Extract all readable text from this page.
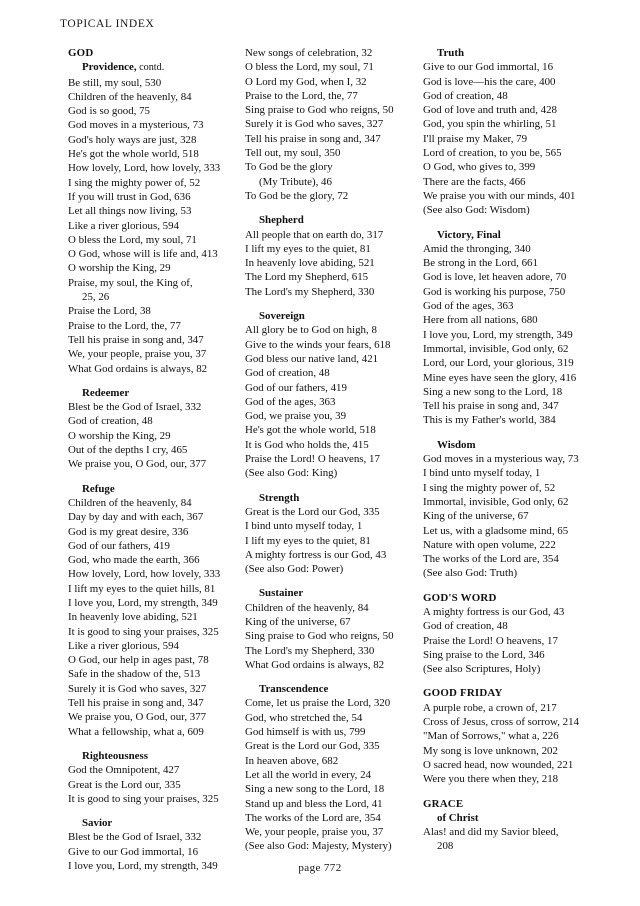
TOPICAL INDEX
GOD
Providence, contd.
Be still, my soul, 530
Children of the heavenly, 84
God is so good, 75
God moves in a mysterious, 73
God's holy ways are just, 328
He's got the whole world, 518
How lovely, Lord, how lovely, 333
I sing the mighty power of, 52
If you will trust in God, 636
Let all things now living, 53
Like a river glorious, 594
O bless the Lord, my soul, 71
O God, whose will is life and, 413
O worship the King, 29
Praise, my soul, the King of,
25, 26
Praise the Lord, 38
Praise to the Lord, the, 77
Tell his praise in song and, 347
We, your people, praise you, 37
What God ordains is always, 82
Redeemer
Blest be the God of Israel, 332
God of creation, 48
O worship the King, 29
Out of the depths I cry, 465
We praise you, O God, our, 377
Refuge
Children of the heavenly, 84
Day by day and with each, 367
God is my great desire, 336
God of our fathers, 419
God, who made the earth, 366
How lovely, Lord, how lovely, 333
I lift my eyes to the quiet hills, 81
I love you, Lord, my strength, 349
In heavenly love abiding, 521
It is good to sing your praises, 325
Like a river glorious, 594
O God, our help in ages past, 78
Safe in the shadow of the, 513
Surely it is God who saves, 327
Tell his praise in song and, 347
We praise you, O God, our, 377
What a fellowship, what a, 609
Righteousness
God the Omnipotent, 427
Great is the Lord our, 335
It is good to sing your praises, 325
Savior
Blest be the God of Israel, 332
Give to our God immortal, 16
I love you, Lord, my strength, 349
New songs of celebration, 32
O bless the Lord, my soul, 71
O Lord my God, when I, 32
Praise to the Lord, the, 77
Sing praise to God who reigns, 50
Surely it is God who saves, 327
Tell his praise in song and, 347
Tell out, my soul, 350
To God be the glory
(My Tribute), 46
To God be the glory, 72
Shepherd
All people that on earth do, 317
I lift my eyes to the quiet, 81
In heavenly love abiding, 521
The Lord my Shepherd, 615
The Lord's my Shepherd, 330
Sovereign
All glory be to God on high, 8
Give to the winds your fears, 618
God bless our native land, 421
God of creation, 48
God of our fathers, 419
God of the ages, 363
God, we praise you, 39
He's got the whole world, 518
It is God who holds the, 415
Praise the Lord! O heavens, 17
(See also God: King)
Strength
Great is the Lord our God, 335
I bind unto myself today, 1
I lift my eyes to the quiet, 81
A mighty fortress is our God, 43
(See also God: Power)
Sustainer
Children of the heavenly, 84
King of the universe, 67
Sing praise to God who reigns, 50
The Lord's my Shepherd, 330
What God ordains is always, 82
Transcendence
Come, let us praise the Lord, 320
God, who stretched the, 54
God himself is with us, 799
Great is the Lord our God, 335
In heaven above, 682
Let all the world in every, 24
Sing a new song to the Lord, 18
Stand up and bless the Lord, 41
The works of the Lord are, 354
We, your people, praise you, 37
(See also God: Majesty, Mystery)
Truth
Give to our God immortal, 16
God is love—his the care, 400
God of creation, 48
God of love and truth and, 428
God, you spin the whirling, 51
I'll praise my Maker, 79
Lord of creation, to you be, 565
O God, who gives to, 399
There are the facts, 466
We praise you with our minds, 401
(See also God: Wisdom)
Victory, Final
Amid the thronging, 340
Be strong in the Lord, 661
God is love, let heaven adore, 70
God is working his purpose, 750
God of the ages, 363
Here from all nations, 680
I love you, Lord, my strength, 349
Immortal, invisible, God only, 62
Lord, our Lord, your glorious, 319
Mine eyes have seen the glory, 416
Sing a new song to the Lord, 18
Tell his praise in song and, 347
This is my Father's world, 384
Wisdom
God moves in a mysterious way, 73
I bind unto myself today, 1
I sing the mighty power of, 52
Immortal, invisible, God only, 62
King of the universe, 67
Let us, with a gladsome mind, 65
Nature with open volume, 222
The works of the Lord are, 354
(See also God: Truth)
GOD'S WORD
A mighty fortress is our God, 43
God of creation, 48
Praise the Lord! O heavens, 17
Sing praise to the Lord, 346
(See also Scriptures, Holy)
GOOD FRIDAY
A purple robe, a crown of, 217
Cross of Jesus, cross of sorrow, 214
"Man of Sorrows," what a, 226
My song is love unknown, 202
O sacred head, now wounded, 221
Were you there when they, 218
GRACE
of Christ
Alas! and did my Savior bleed,
208
page 772
